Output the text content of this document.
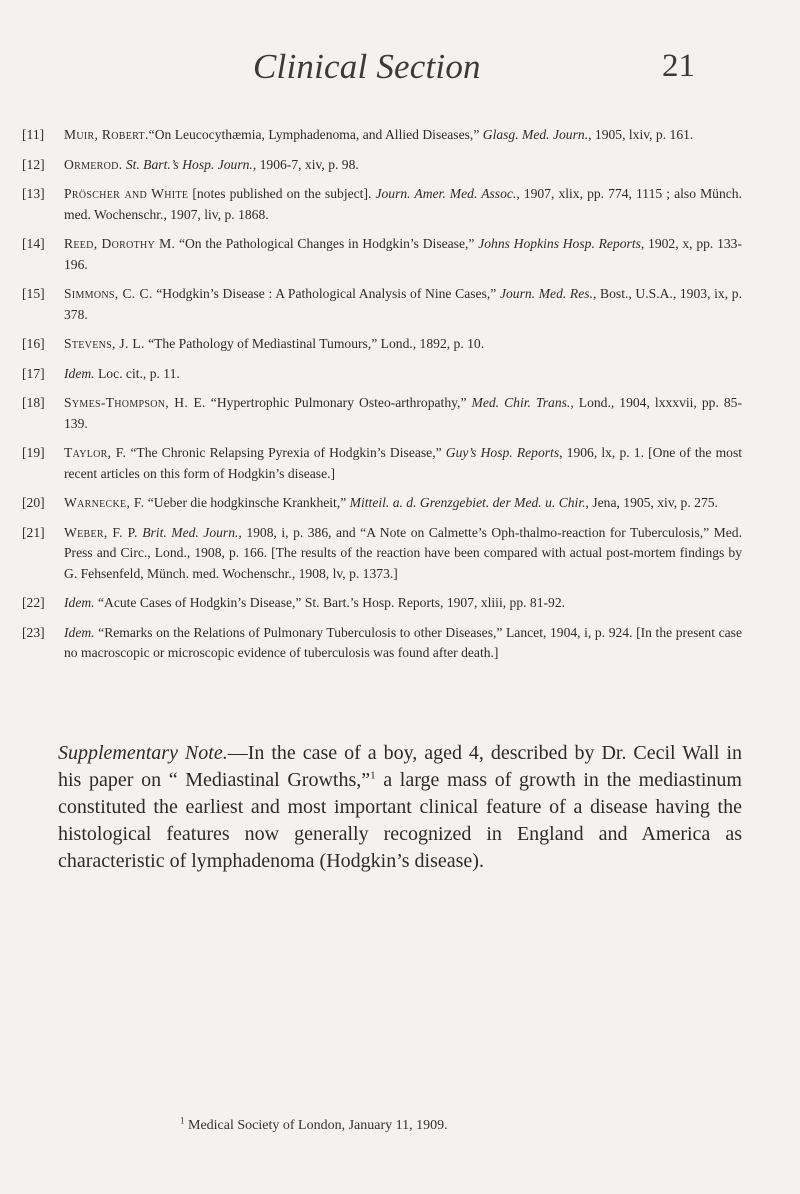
Clinical Section	21
[11] Muir, Robert.“On Leucocythæmia, Lymphadenoma, and Allied Diseases,” Glasg. Med. Journ., 1905, lxiv, p. 161.
[12] Ormerod. St. Bart.’s Hosp. Journ., 1906-7, xiv, p. 98.
[13] Pröscher and White [notes published on the subject]. Journ. Amer. Med. Assoc., 1907, xlix, pp. 774, 1115 ; also Münch. med. Wochenschr., 1907, liv, p. 1868.
[14] Reed, Dorothy M. “On the Pathological Changes in Hodgkin’s Disease,” Johns Hopkins Hosp. Reports, 1902, x, pp. 133-196.
[15] Simmons, C. C. “Hodgkin’s Disease : A Pathological Analysis of Nine Cases,” Journ. Med. Res., Bost., U.S.A., 1903, ix, p. 378.
[16] Stevens, J. L. “The Pathology of Mediastinal Tumours,” Lond., 1892, p. 10.
[17] Idem. Loc. cit., p. 11.
[18] Symes-Thompson, H. E. “Hypertrophic Pulmonary Osteo-arthropathy,” Med. Chir. Trans., Lond., 1904, lxxxvii, pp. 85-139.
[19] Taylor, F. “The Chronic Relapsing Pyrexia of Hodgkin’s Disease,” Guy’s Hosp. Reports, 1906, lx, p. 1. [One of the most recent articles on this form of Hodgkin’s disease.]
[20] Warnecke, F. “Ueber die hodgkinsche Krankheit,” Mitteil. a. d. Grenzgebiet. der Med. u. Chir., Jena, 1905, xiv, p. 275.
[21] Weber, F. P. Brit. Med. Journ., 1908, i, p. 386, and “A Note on Calmette’s Oph-thalmo-reaction for Tuberculosis,” Med. Press and Circ., Lond., 1908, p. 166. [The results of the reaction have been compared with actual post-mortem findings by G. Fehsenfeld, Münch. med. Wochenschr., 1908, lv, p. 1373.]
[22] Idem. “Acute Cases of Hodgkin’s Disease,” St. Bart.’s Hosp. Reports, 1907, xliii, pp. 81-92.
[23] Idem. “Remarks on the Relations of Pulmonary Tuberculosis to other Diseases,” Lancet, 1904, i, p. 924. [In the present case no macroscopic or microscopic evidence of tuberculosis was found after death.]
Supplementary Note.—In the case of a boy, aged 4, described by Dr. Cecil Wall in his paper on “ Mediastinal Growths,”$^1$ a large mass of growth in the mediastinum constituted the earliest and most important clinical feature of a disease having the histological features now generally recognized in England and America as characteristic of lymphadenoma (Hodgkin’s disease).
$^1$ Medical Society of London, January 11, 1909.
